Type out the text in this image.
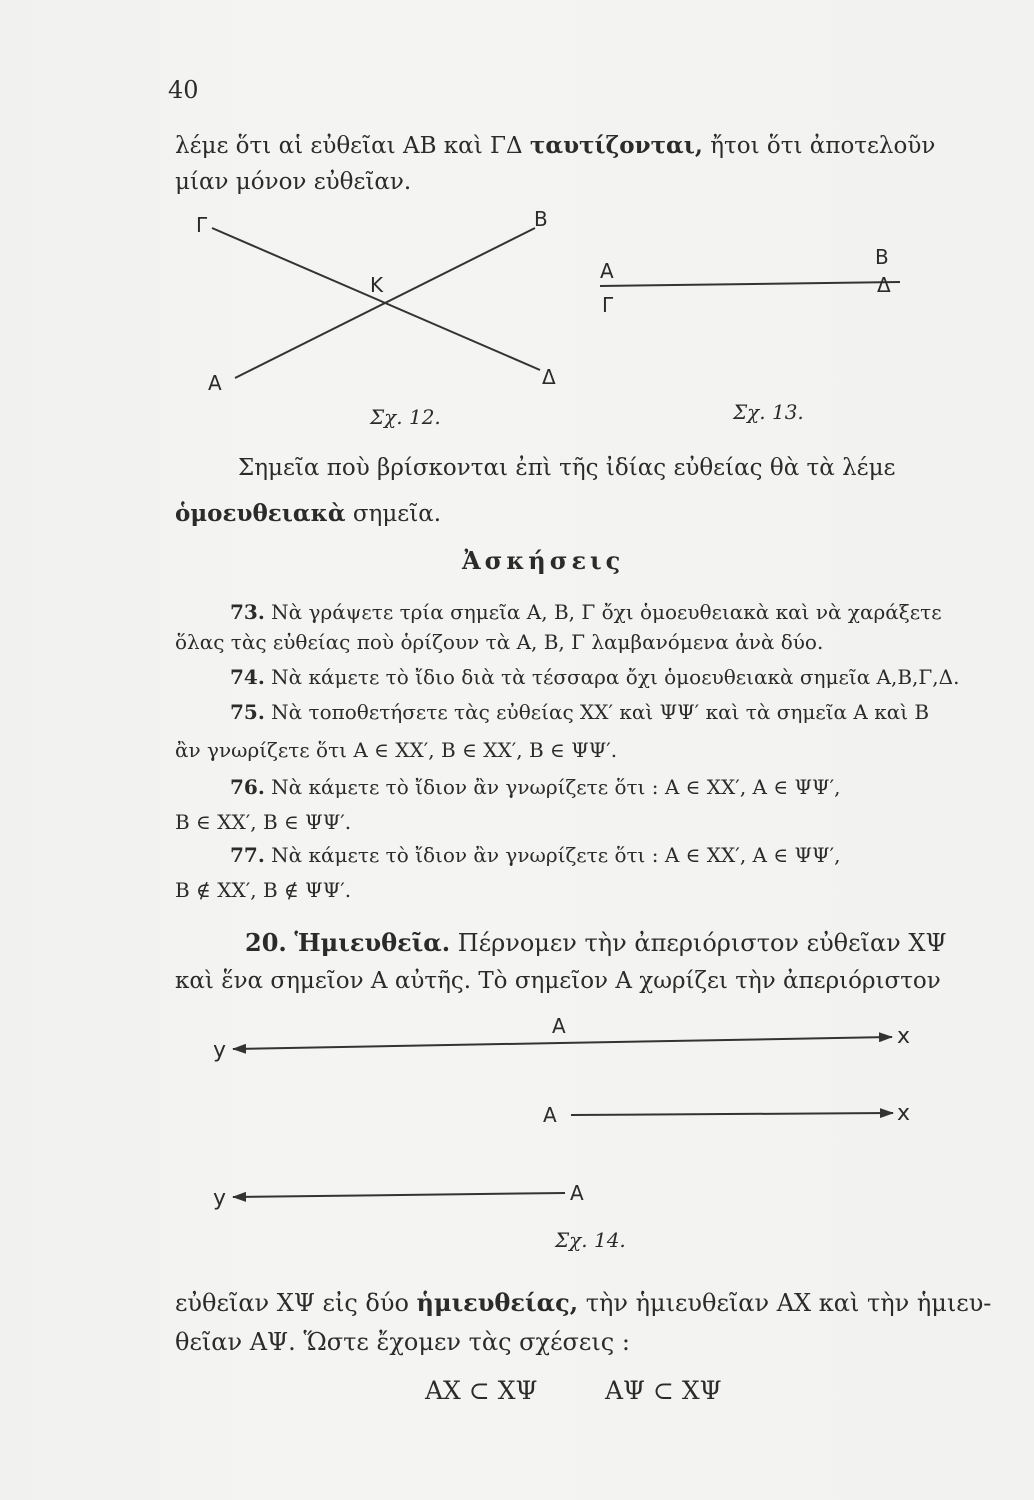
40
λέμε ὅτι αἱ εὐθεῖαι ΑΒ καὶ ΓΔ ταυτίζονται, ἤτοι ὅτι ἀποτελοῦν
μίαν μόνον εὐθεῖαν.
Γ	Β
Κ
Α	Δ
Σχ. 12.
Α
Γ
Β
Δ
Σχ. 13.
Σημεῖα ποὺ βρίσκονται ἐπὶ τῆς ἰδίας εὐθείας θὰ τὰ λέμε
ὁμοευθειακὰ σημεῖα.
Ἀσκήσεις
73. Νὰ γράψετε τρία σημεῖα Α, Β, Γ ὄχι ὁμοευθειακὰ καὶ νὰ χαράξετε
ὅλας τὰς εὐθείας ποὺ ὁρίζουν τὰ Α, Β, Γ λαμβανόμενα ἀνὰ δύο.
74. Νὰ κάμετε τὸ ἴδιο διὰ τὰ τέσσαρα ὄχι ὁμοευθειακὰ σημεῖα Α,Β,Γ,Δ.
75. Νὰ τοποθετήσετε τὰς εὐθείας ΧΧ′ καὶ ΨΨ′ καὶ τὰ σημεῖα Α καὶ Β
ἂν γνωρίζετε ὅτι Α ∈ ΧΧ′, Β ∈ ΧΧ′, Β ∈ ΨΨ′.
76. Νὰ κάμετε τὸ ἴδιον ἂν γνωρίζετε ὅτι : Α ∈ ΧΧ′, Α ∈ ΨΨ′,
Β ∈ ΧΧ′, Β ∈ ΨΨ′.
77. Νὰ κάμετε τὸ ἴδιον ἂν γνωρίζετε ὅτι : Α ∈ ΧΧ′, Α ∈ ΨΨ′,
Β ∉ ΧΧ′, Β ∉ ΨΨ′.
20. Ἡμιευθεῖα. Πέρνομεν τὴν ἀπεριόριστον εὐθεῖαν ΧΨ
καὶ ἕνα σημεῖον Α αὐτῆς. Τὸ σημεῖον Α χωρίζει τὴν ἀπεριόριστον
A
y
x
A	x
y	A
Σχ. 14.
εὐθεῖαν ΧΨ εἰς δύο ἡμιευθείας, τὴν ἡμιευθεῖαν ΑΧ καὶ τὴν ἡμιευ-
θεῖαν ΑΨ. Ὥστε ἔχομεν τὰς σχέσεις :
ΑΧ ⊂ ΧΨ	ΑΨ ⊂ ΧΨ
